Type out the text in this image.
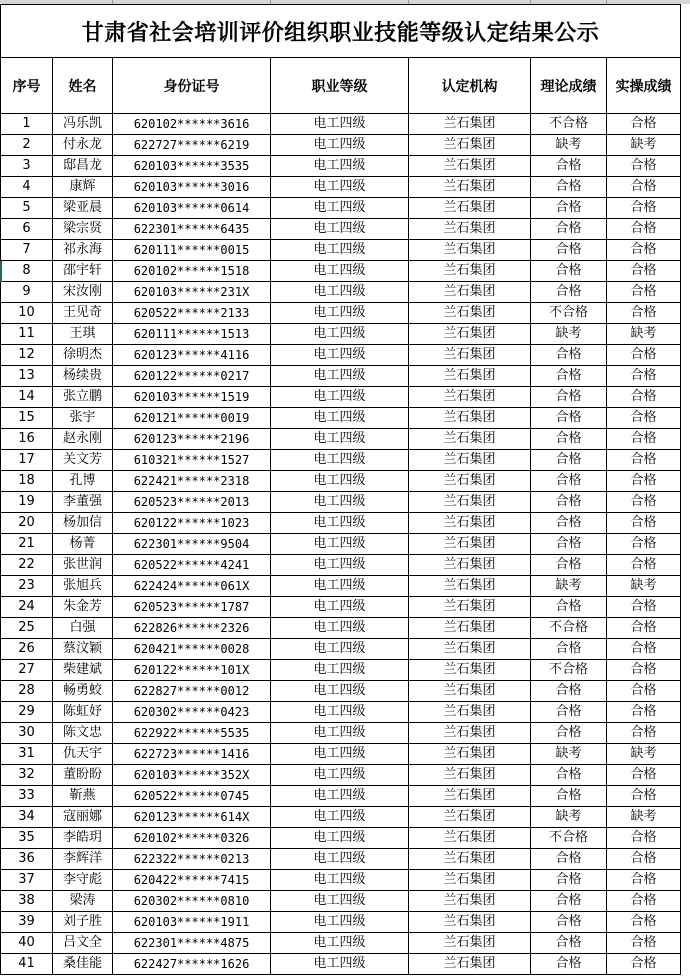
甘肃省社会培训评价组织职业技能等级认定结果公示						
序号	姓名	身份证号	职业等级	认定机构	理论成绩	实操成绩
1	冯乐凯	620102******3616	电工四级	兰石集团	不合格	合格
2	付永龙	622727******6219	电工四级	兰石集团	缺考	缺考
3	邸昌龙	620103******3535	电工四级	兰石集团	合格	合格
4	康辉	620103******3016	电工四级	兰石集团	合格	合格
5	梁亚晨	620103******0614	电工四级	兰石集团	合格	合格
6	梁宗贤	622301******6435	电工四级	兰石集团	合格	合格
7	祁永海	620111******0015	电工四级	兰石集团	合格	合格
8	邵宇轩	620102******1518	电工四级	兰石集团	合格	合格
9	宋汝刚	620103******231X	电工四级	兰石集团	合格	合格
10	王见奇	620522******2133	电工四级	兰石集团	不合格	合格
11	王琪	620111******1513	电工四级	兰石集团	缺考	缺考
12	徐明杰	620123******4116	电工四级	兰石集团	合格	合格
13	杨续贵	620122******0217	电工四级	兰石集团	合格	合格
14	张立鹏	620103******1519	电工四级	兰石集团	合格	合格
15	张宇	620121******0019	电工四级	兰石集团	合格	合格
16	赵永刚	620123******2196	电工四级	兰石集团	合格	合格
17	关文芳	610321******1527	电工四级	兰石集团	合格	合格
18	孔博	622421******2318	电工四级	兰石集团	合格	合格
19	李董强	620523******2013	电工四级	兰石集团	合格	合格
20	杨加信	620122******1023	电工四级	兰石集团	合格	合格
21	杨菁	622301******9504	电工四级	兰石集团	合格	合格
22	张世润	620522******4241	电工四级	兰石集团	合格	合格
23	张旭兵	622424******061X	电工四级	兰石集团	缺考	缺考
24	朱金芳	620523******1787	电工四级	兰石集团	合格	合格
25	白强	622826******2326	电工四级	兰石集团	不合格	合格
26	蔡汶颖	620421******0028	电工四级	兰石集团	合格	合格
27	柴建斌	620122******101X	电工四级	兰石集团	不合格	合格
28	畅勇蛟	622827******0012	电工四级	兰石集团	合格	合格
29	陈虹妤	620302******0423	电工四级	兰石集团	合格	合格
30	陈文忠	622922******5535	电工四级	兰石集团	合格	合格
31	仇天宇	622723******1416	电工四级	兰石集团	缺考	缺考
32	董盼盼	620103******352X	电工四级	兰石集团	合格	合格
33	靳燕	620522******0745	电工四级	兰石集团	合格	合格
34	寇丽娜	620123******614X	电工四级	兰石集团	缺考	缺考
35	李皓玥	620102******0326	电工四级	兰石集团	不合格	合格
36	李辉洋	622322******0213	电工四级	兰石集团	合格	合格
37	李守彪	620422******7415	电工四级	兰石集团	合格	合格
38	梁涛	620302******0810	电工四级	兰石集团	合格	合格
39	刘子胜	620103******1911	电工四级	兰石集团	合格	合格
40	吕文全	622301******4875	电工四级	兰石集团	合格	合格
41	桑佳能	622427******1626	电工四级	兰石集团	合格	合格
